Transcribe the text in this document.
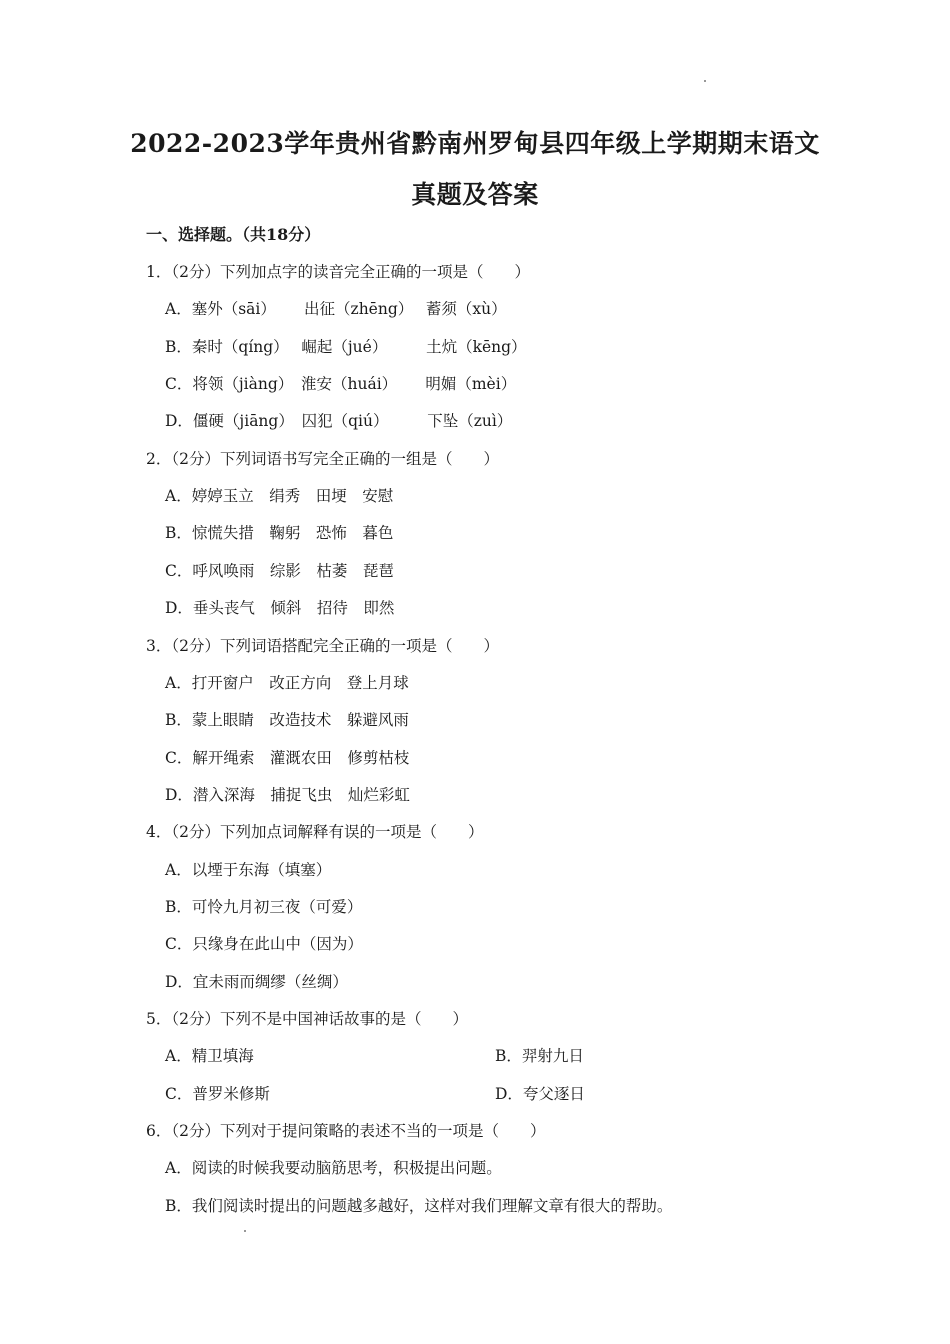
2022-2023学年贵州省黔南州罗甸县四年级上学期期末语文
真题及答案
一、选择题。（共18分）
1．（2分）下列加点字的读音完全正确的一项是（　　）
A．塞外（sāi）　　 出征（zhēng）　 蓄须（xù）
B．秦时（qíng）　 崛起（jué）　　　土炕（kēng）
C．将领（jiàng）　淮安（huái）　　 明媚（mèi）
D．僵硬（jiāng）　囚犯（qiú）　　　下坠（zuì）
2．（2分）下列词语书写完全正确的一组是（　　）
A．婷婷玉立　绢秀　田埂　安慰
B．惊慌失措　鞠躬　恐怖　暮色
C．呼风唤雨　综影　枯萎　琵琶
D．垂头丧气　倾斜　招待　即然
3．（2分）下列词语搭配完全正确的一项是（　　）
A．打开窗户　改正方向　登上月球
B．蒙上眼睛　改造技术　躲避风雨
C．解开绳索　灌溉农田　修剪枯枝
D．潜入深海　捕捉飞虫　灿烂彩虹
4．（2分）下列加点词解释有误的一项是（　　）
A．以堙于东海（填塞）
B．可怜九月初三夜（可爱）
C．只缘身在此山中（因为）
D．宜未雨而绸缪（丝绸）
5．（2分）下列不是中国神话故事的是（　　）
A．精卫填海	B．羿射九日
C．普罗米修斯	D．夸父逐日
6．（2分）下列对于提问策略的表述不当的一项是（　　）
A．阅读的时候我要动脑筋思考，积极提出问题。
B．我们阅读时提出的问题越多越好，这样对我们理解文章有很大的帮助。
